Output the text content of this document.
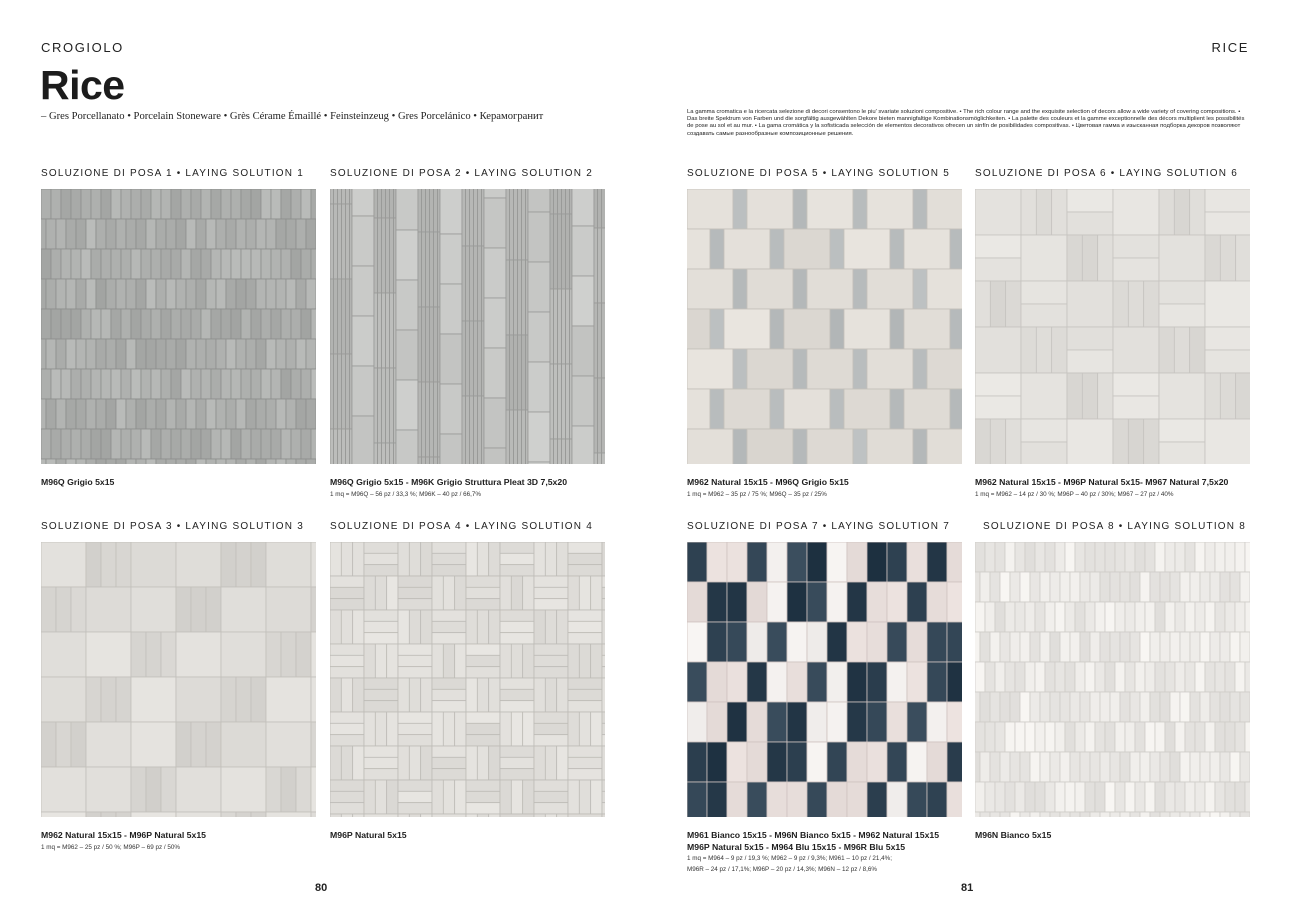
CROGIOLO	RICE
Rice
– Gres Porcellanato • Porcelain Stoneware • Grès Cérame Émaillé • Feinsteinzeug • Gres Porcelánico • Керамогранит	La gamma cromatica e la ricercata selezione di decori consentono le piu' svariate soluzioni compositive. • The rich colour range and the exquisite selection of decors allow a wide variety of covering compositions. • Das breite Spektrum von Farben und die sorgfältig ausgewählten Dekore bieten mannigfaltige Kombinationsmöglichkeiten. • La palette des couleurs et la gamme exceptionnelle des décors multiplient les possibilités de pose au sol et au mur. • La gama cromática y la sofisticada selección de elementos decorativos ofrecen un sinfín de posibilidades compositivas. • Цветовая гамма и изысканная подборка декоров позволяют создавать самые разнообразные композиционные решения.
SOLUZIONE DI POSA 1 • LAYING SOLUTION 1
M96Q Grigio 5x15
SOLUZIONE DI POSA 2 • LAYING SOLUTION 2
M96Q Grigio 5x15 - M96K Grigio Struttura Pleat 3D 7,5x20
1 mq = M96Q – 56 pz / 33,3 %; M96K – 40 pz / 66,7%
SOLUZIONE DI POSA 3 • LAYING SOLUTION 3
M962 Natural 15x15 - M96P Natural 5x15
1 mq = M962 – 25 pz / 50 %; M96P – 69 pz / 50%
SOLUZIONE DI POSA 4 • LAYING SOLUTION 4
M96P Natural 5x15
SOLUZIONE DI POSA 5 • LAYING SOLUTION 5
M962 Natural 15x15 - M96Q Grigio 5x15
1 mq = M962 – 35 pz / 75 %; M96Q – 35 pz / 25%
SOLUZIONE DI POSA 6 • LAYING SOLUTION 6
M962 Natural 15x15 - M96P Natural 5x15- M967 Natural 7,5x20
1 mq = M962 – 14 pz / 30 %; M96P – 40 pz / 30%; M967 – 27 pz / 40%
SOLUZIONE DI POSA 7 • LAYING SOLUTION 7
M961 Bianco 15x15 - M96N Bianco 5x15 - M962 Natural 15x15
M96P Natural 5x15 - M964 Blu 15x15 - M96R Blu 5x15
1 mq = M964 – 9 pz / 19,3 %; M962 – 9 pz / 9,3%; M961 – 10 pz / 21,4%;
M96R – 24 pz / 17,1%; M96P – 20 pz / 14,3%; M96N – 12 pz / 8,6%
SOLUZIONE DI POSA 8 • LAYING SOLUTION 8
M96N Bianco 5x15
80	81
